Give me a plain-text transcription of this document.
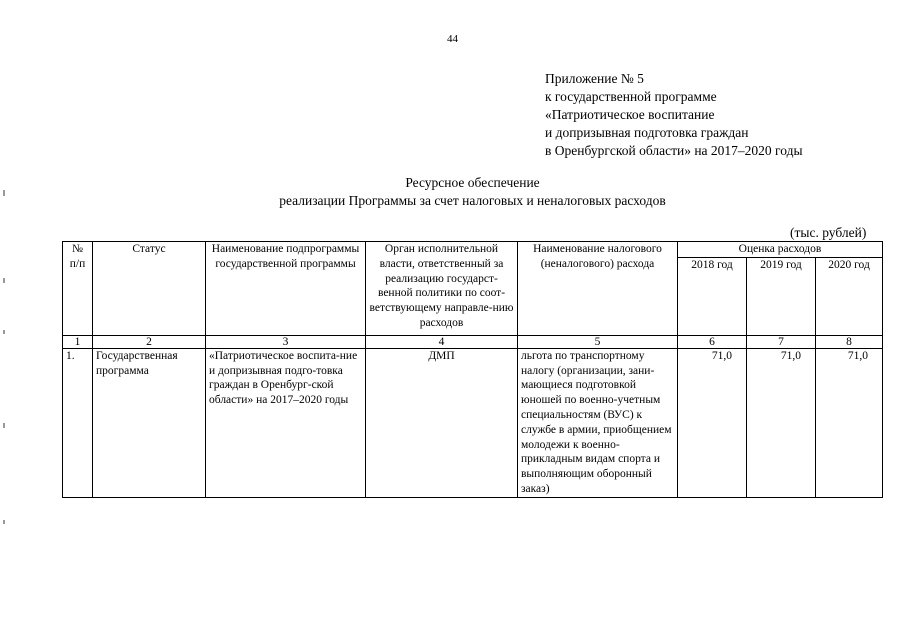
44
Приложение № 5
к государственной программе
«Патриотическое воспитание
и допризывная подготовка граждан
в Оренбургской области» на 2017–2020 годы
Ресурсное обеспечение
реализации Программы за счет налоговых и неналоговых расходов
(тыс. рублей)
№ п/п	Статус	Наименование подпрограммы государственной программы	Орган исполнительной власти, ответственный за реализацию государст-венной политики по соот-ветствующему направле-нию расходов	Наименование налогового (неналогового) расхода	Оценка расходов		
					2018 год	2019 год	2020 год
1	2	3	4	5	6	7	8
1.	Государственная программа	«Патриотическое воспита-ние и допризывная подго-товка граждан в Оренбург-ской области» на 2017–2020 годы	ДМП	льгота по транспортному налогу (организации, зани-мающиеся подготовкой юношей по военно-учетным специальностям (ВУС) к службе в армии, приобщением молодежи к военно-прикладным видам спорта и выполняющим оборонный заказ)	71,0	71,0	71,0
